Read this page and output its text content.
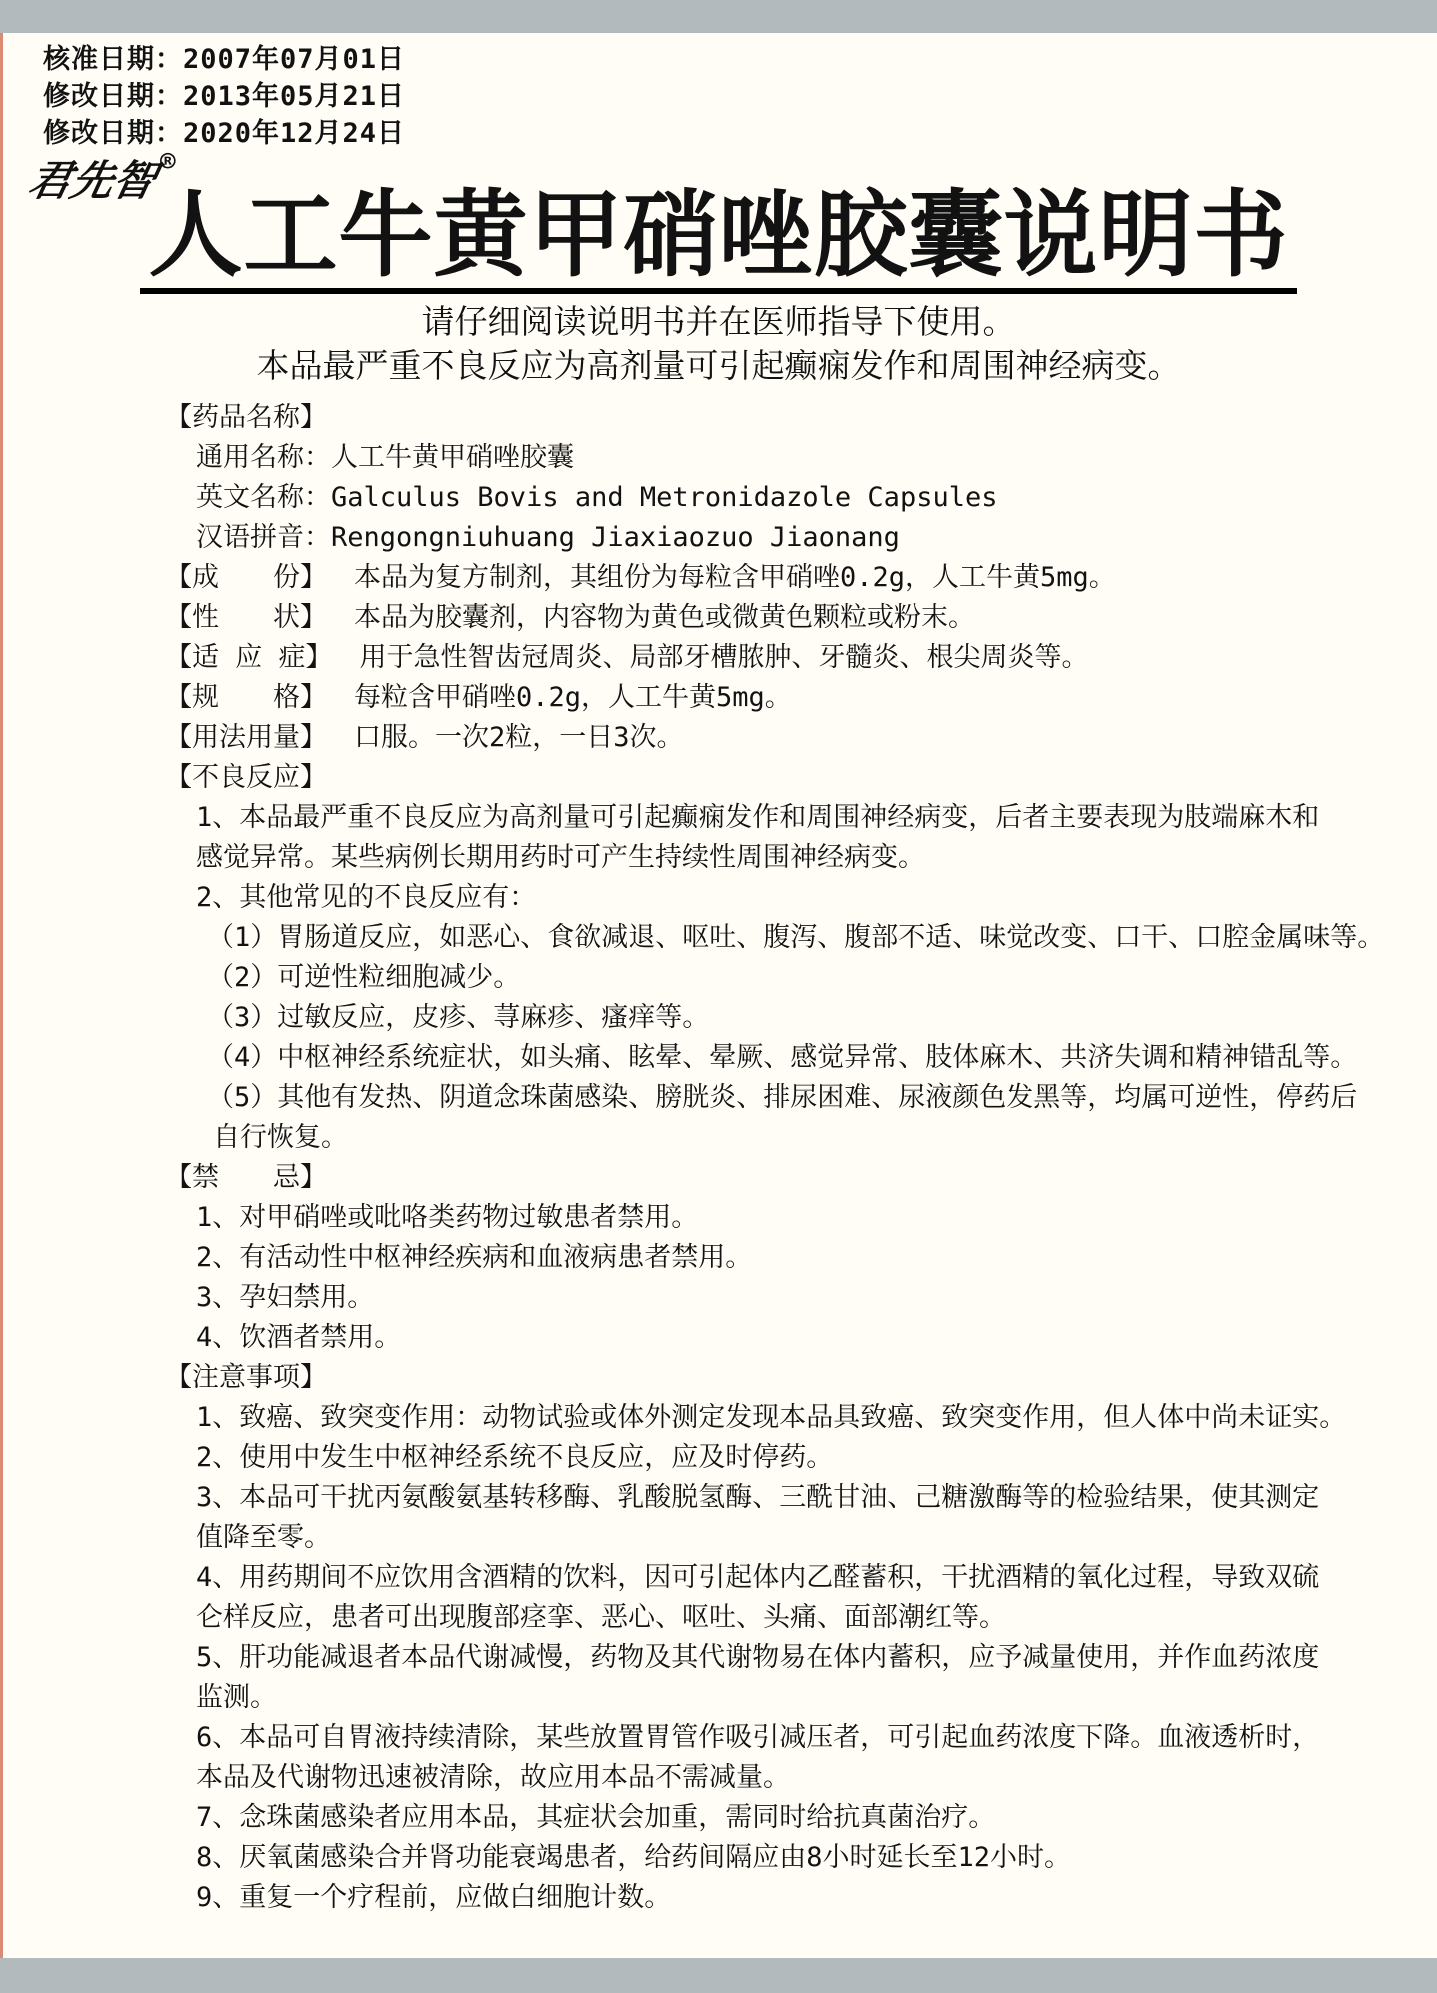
核准日期：2007年07月01日
修改日期：2013年05月21日
修改日期：2020年12月24日
君先智®
人工牛黄甲硝唑胶囊说明书
请仔细阅读说明书并在医师指导下使用。
本品最严重不良反应为高剂量可引起癫痫发作和周围神经病变。
【药品名称】
通用名称：人工牛黄甲硝唑胶囊
英文名称：Galculus Bovis and Metronidazole Capsules
汉语拼音：Rengongniuhuang Jiaxiaozuo Jiaonang
【成　　份】 本品为复方制剂，其组份为每粒含甲硝唑0.2g，人工牛黄5mg。
【性　　状】 本品为胶囊剂，内容物为黄色或微黄色颗粒或粉末。
【适 应 症】 用于急性智齿冠周炎、局部牙槽脓肿、牙髓炎、根尖周炎等。
【规　　格】 每粒含甲硝唑0.2g，人工牛黄5mg。
【用法用量】 口服。一次2粒，一日3次。
【不良反应】
1、本品最严重不良反应为高剂量可引起癫痫发作和周围神经病变，后者主要表现为肢端麻木和
感觉异常。某些病例长期用药时可产生持续性周围神经病变。
2、其他常见的不良反应有：
（1）胃肠道反应，如恶心、食欲减退、呕吐、腹泻、腹部不适、味觉改变、口干、口腔金属味等。
（2）可逆性粒细胞减少。
（3）过敏反应，皮疹、荨麻疹、瘙痒等。
（4）中枢神经系统症状，如头痛、眩晕、晕厥、感觉异常、肢体麻木、共济失调和精神错乱等。
（5）其他有发热、阴道念珠菌感染、膀胱炎、排尿困难、尿液颜色发黑等，均属可逆性，停药后
自行恢复。
【禁　　忌】
1、对甲硝唑或吡咯类药物过敏患者禁用。
2、有活动性中枢神经疾病和血液病患者禁用。
3、孕妇禁用。
4、饮酒者禁用。
【注意事项】
1、致癌、致突变作用：动物试验或体外测定发现本品具致癌、致突变作用，但人体中尚未证实。
2、使用中发生中枢神经系统不良反应，应及时停药。
3、本品可干扰丙氨酸氨基转移酶、乳酸脱氢酶、三酰甘油、己糖激酶等的检验结果，使其测定
值降至零。
4、用药期间不应饮用含酒精的饮料，因可引起体内乙醛蓄积，干扰酒精的氧化过程，导致双硫
仑样反应，患者可出现腹部痉挛、恶心、呕吐、头痛、面部潮红等。
5、肝功能减退者本品代谢减慢，药物及其代谢物易在体内蓄积，应予减量使用，并作血药浓度
监测。
6、本品可自胃液持续清除，某些放置胃管作吸引减压者，可引起血药浓度下降。血液透析时，
本品及代谢物迅速被清除，故应用本品不需减量。
7、念珠菌感染者应用本品，其症状会加重，需同时给抗真菌治疗。
8、厌氧菌感染合并肾功能衰竭患者，给药间隔应由8小时延长至12小时。
9、重复一个疗程前，应做白细胞计数。
